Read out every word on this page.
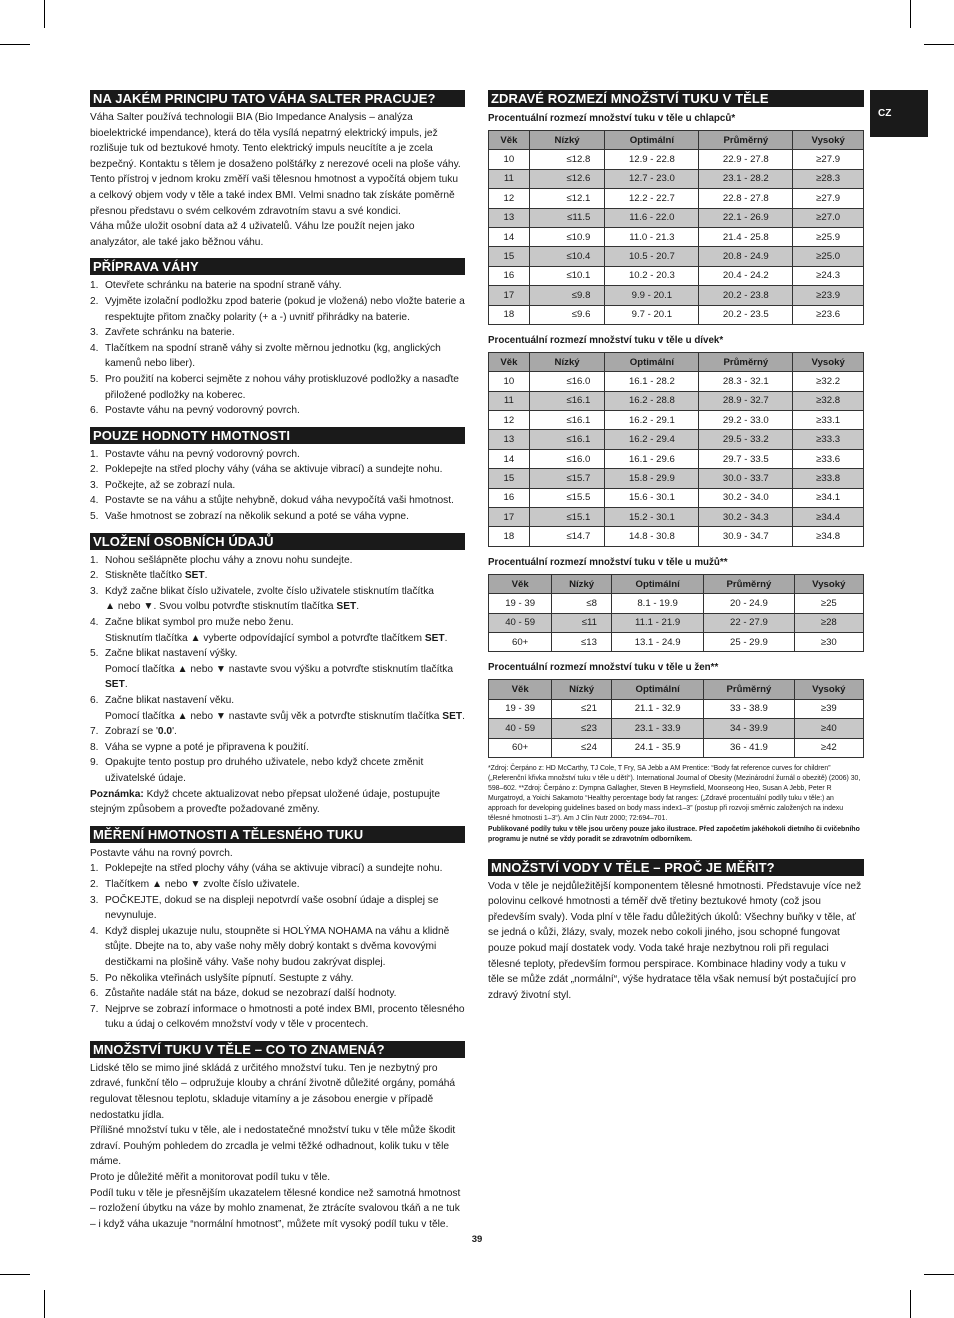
CZ
NA JAKÉM PRINCIPU TATO VÁHA SALTER PRACUJE?

Váha Salter používá technologii BIA (Bio Impedance Analysis – analýza bioelektrické impendance), která do těla vysílá nepatrný elektrický impuls, jež rozlišuje tuk od beztukové hmoty. Tento elektrický impuls neucítíte a je zcela bezpečný. Kontaktu s tělem je dosaženo polštářky z nerezové oceli na ploše váhy.

Tento přístroj v jednom kroku změří vaši tělesnou hmotnost a vypočítá objem tuku a celkový objem vody v těle a také index BMI. Velmi snadno tak získáte poměrně přesnou představu o svém celkovém zdravotním stavu a své kondici.

Váha může uložit osobní data až 4 uživatelů. Váhu lze použít nejen jako analyzátor, ale také jako běžnou váhu.

PŘÍPRAVA VÁHY
1. Otevřete schránku na baterie na spodní straně váhy.
2. Vyjměte izolační podložku zpod baterie (pokud je vložená) nebo vložte baterie a respektujte přitom značky polarity (+ a -) uvnitř přihrádky na baterie.
3. Zavřete schránku na baterie.
4. Tlačítkem na spodní straně váhy si zvolte měrnou jednotku (kg, anglických kamenů nebo liber).
5. Pro použití na koberci sejměte z nohou váhy protiskluzové podložky a nasaďte přiložené podložky na koberec.
6. Postavte váhu na pevný vodorovný povrch.
POUZE HODNOTY HMOTNOSTI
1. Postavte váhu na pevný vodorovný povrch.
2. Poklepejte na střed plochy váhy (váha se aktivuje vibrací) a sundejte nohu.
3. Počkejte, až se zobrazí nula.
4. Postavte se na váhu a stůjte nehybně, dokud váha nevypočítá vaši hmotnost.
5. Vaše hmotnost se zobrazí na několik sekund a poté se váha vypne.
VLOŽENÍ OSOBNÍCH ÚDAJŮ
1. Nohou sešlápněte plochu váhy a znovu nohu sundejte.
2. Stiskněte tlačítko SET.
3. Když začne blikat číslo uživatele, zvolte číslo uživatele stisknutím tlačítka
▲ nebo ▼. Svou volbu potvrďte stisknutím tlačítka SET.
4. Začne blikat symbol pro muže nebo ženu.
Stisknutím tlačítka ▲ vyberte odpovídající symbol a potvrďte tlačítkem SET.
5. Začne blikat nastavení výšky.
Pomocí tlačítka ▲ nebo ▼ nastavte svou výšku a potvrďte stisknutím tlačítka SET.
6. Začne blikat nastavení věku.
Pomocí tlačítka ▲ nebo ▼ nastavte svůj věk a potvrďte stisknutím tlačítka SET.
7. Zobrazí se '0.0'.
8. Váha se vypne a poté je připravena k použití.
9. Opakujte tento postup pro druhého uživatele, nebo když chcete změnit uživatelské údaje.

Poznámka: Když chcete aktualizovat nebo přepsat uložené údaje, postupujte stejným způsobem a proveďte požadované změny.

MĚŘENÍ HMOTNOSTI A TĚLESNÉHO TUKU

Postavte váhu na rovný povrch.

1. Poklepejte na střed plochy váhy (váha se aktivuje vibrací) a sundejte nohu.
2. Tlačítkem ▲ nebo ▼ zvolte číslo uživatele.
3. POČKEJTE, dokud se na displeji nepotvrdí vaše osobní údaje a displej se nevynuluje.
4. Když displej ukazuje nulu, stoupněte si HOLÝMA NOHAMA na váhu a klidně stůjte. Dbejte na to, aby vaše nohy měly dobrý kontakt s dvěma kovovými destičkami na plošině váhy. Vaše nohy budou zakrývat displej.
5. Po několika vteřinách uslyšíte pípnutí. Sestupte z váhy.
6. Zůstaňte nadále stát na báze, dokud se nezobrazí další hodnoty.
7. Nejprve se zobrazí informace o hmotnosti a poté index BMI, procento tělesného tuku a údaj o celkovém množství vody v těle v procentech.
MNOŽSTVÍ TUKU V TĚLE – CO TO ZNAMENÁ?

Lidské tělo se mimo jiné skládá z určitého množství tuku. Ten je nezbytný pro zdravé, funkční tělo – odpružuje klouby a chrání životně důležité orgány, pomáhá regulovat tělesnou teplotu, skladuje vitamíny a je zásobou energie v případě nedostatku jídla.

Přílišné množství tuku v těle, ale i nedostatečné množství tuku v těle může škodit zdraví. Pouhým pohledem do zrcadla je velmi těžké odhadnout, kolik tuku v těle máme.

Proto je důležité měřit a monitorovat podíl tuku v těle.

Podíl tuku v těle je přesnějším ukazatelem tělesné kondice než samotná hmotnost – rozložení úbytku na váze by mohlo znamenat, že ztrácíte svalovou tkáň a ne tuk – i když váha ukazuje “normální hmotnost”, můžete mít vysoký podíl tuku v těle.

ZDRAVÉ ROZMEZÍ MNOŽSTVÍ TUKU V TĚLE
Procentuální rozmezí množství tuku v těle u chlapců*
Věk	Nízký	Optimální	Průměrný	Vysoký
10	≤12.8	12.9 - 22.8	22.9 - 27.8	≥27.9
11	≤12.6	12.7 - 23.0	23.1 - 28.2	≥28.3
12	≤12.1	12.2 - 22.7	22.8 - 27.8	≥27.9
13	≤11.5	11.6 - 22.0	22.1 - 26.9	≥27.0
14	≤10.9	11.0 - 21.3	21.4 - 25.8	≥25.9
15	≤10.4	10.5 - 20.7	20.8 - 24.9	≥25.0
16	≤10.1	10.2 - 20.3	20.4 - 24.2	≥24.3
17	≤9.8	9.9 - 20.1	20.2 - 23.8	≥23.9
18	≤9.6	9.7 - 20.1	20.2 - 23.5	≥23.6
Procentuální rozmezí množství tuku v těle u dívek*
Věk	Nízký	Optimální	Průměrný	Vysoký
10	≤16.0	16.1 - 28.2	28.3 - 32.1	≥32.2
11	≤16.1	16.2 - 28.8	28.9 - 32.7	≥32.8
12	≤16.1	16.2 - 29.1	29.2 - 33.0	≥33.1
13	≤16.1	16.2 - 29.4	29.5 - 33.2	≥33.3
14	≤16.0	16.1 - 29.6	29.7 - 33.5	≥33.6
15	≤15.7	15.8 - 29.9	30.0 - 33.7	≥33.8
16	≤15.5	15.6 - 30.1	30.2 - 34.0	≥34.1
17	≤15.1	15.2 - 30.1	30.2 - 34.3	≥34.4
18	≤14.7	14.8 - 30.8	30.9 - 34.7	≥34.8
Procentuální rozmezí množství tuku v těle u mužů**
Věk	Nízký	Optimální	Průměrný	Vysoký
19 - 39	≤8	8.1 - 19.9	20 - 24.9	≥25
40 - 59	≤11	11.1 - 21.9	22 - 27.9	≥28
60+	≤13	13.1 - 24.9	25 - 29.9	≥30
Procentuální rozmezí množství tuku v těle u žen**
Věk	Nízký	Optimální	Průměrný	Vysoký
19 - 39	≤21	21.1 - 32.9	33 - 38.9	≥39
40 - 59	≤23	23.1 - 33.9	34 - 39.9	≥40
60+	≤24	24.1 - 35.9	36 - 41.9	≥42

*Zdroj: Čerpáno z: HD McCarthy, TJ Cole, T Fry, SA Jebb a AM Prentice: “Body fat reference curves for children” („Referenční křivka množství tuku v těle u dětí“). International Journal of Obesity (Mezinárodní žurnál o obezitě) (2006) 30, 598–602. **Zdroj: Čerpáno z: Dympna Gallagher, Steven B Heymsfield, Moonseong Heo, Susan A Jebb, Peter R Murgatroyd, a Yoichi Sakamoto “Healthy percentage body fat ranges: („Zdravé procentuální podíly tuku v těle:) an approach for developing guidelines based on body mass index1–3” (postup při rozvoji směrnic založených na indexu tělesné hmotnosti 1–3“). Am J Clin Nutr 2000; 72:694–701.
Publikované podíly tuku v těle jsou určeny pouze jako ilustrace. Před započetím jakéhokoli dietního či cvičebního programu je nutné se vždy poradit se zdravotním odborníkem.

MNOŽSTVÍ VODY V TĚLE – PROČ JE MĚŘIT?

Voda v těle je nejdůležitější komponentem tělesné hmotnosti. Představuje více než polovinu celkové hmotnosti a téměř dvě třetiny beztukové hmoty (což jsou především svaly). Voda plní v těle řadu důležitých úkolů: Všechny buňky v těle, ať se jedná o kůži, žlázy, svaly, mozek nebo cokoli jiného, jsou schopné fungovat pouze pokud mají dostatek vody. Voda také hraje nezbytnou roli při regulaci tělesné teploty, především formou perspirace. Kombinace hladiny vody a tuku v těle se může zdát „normální“, výše hydratace těla však nemusí být postačující pro zdravý životní styl.

39
